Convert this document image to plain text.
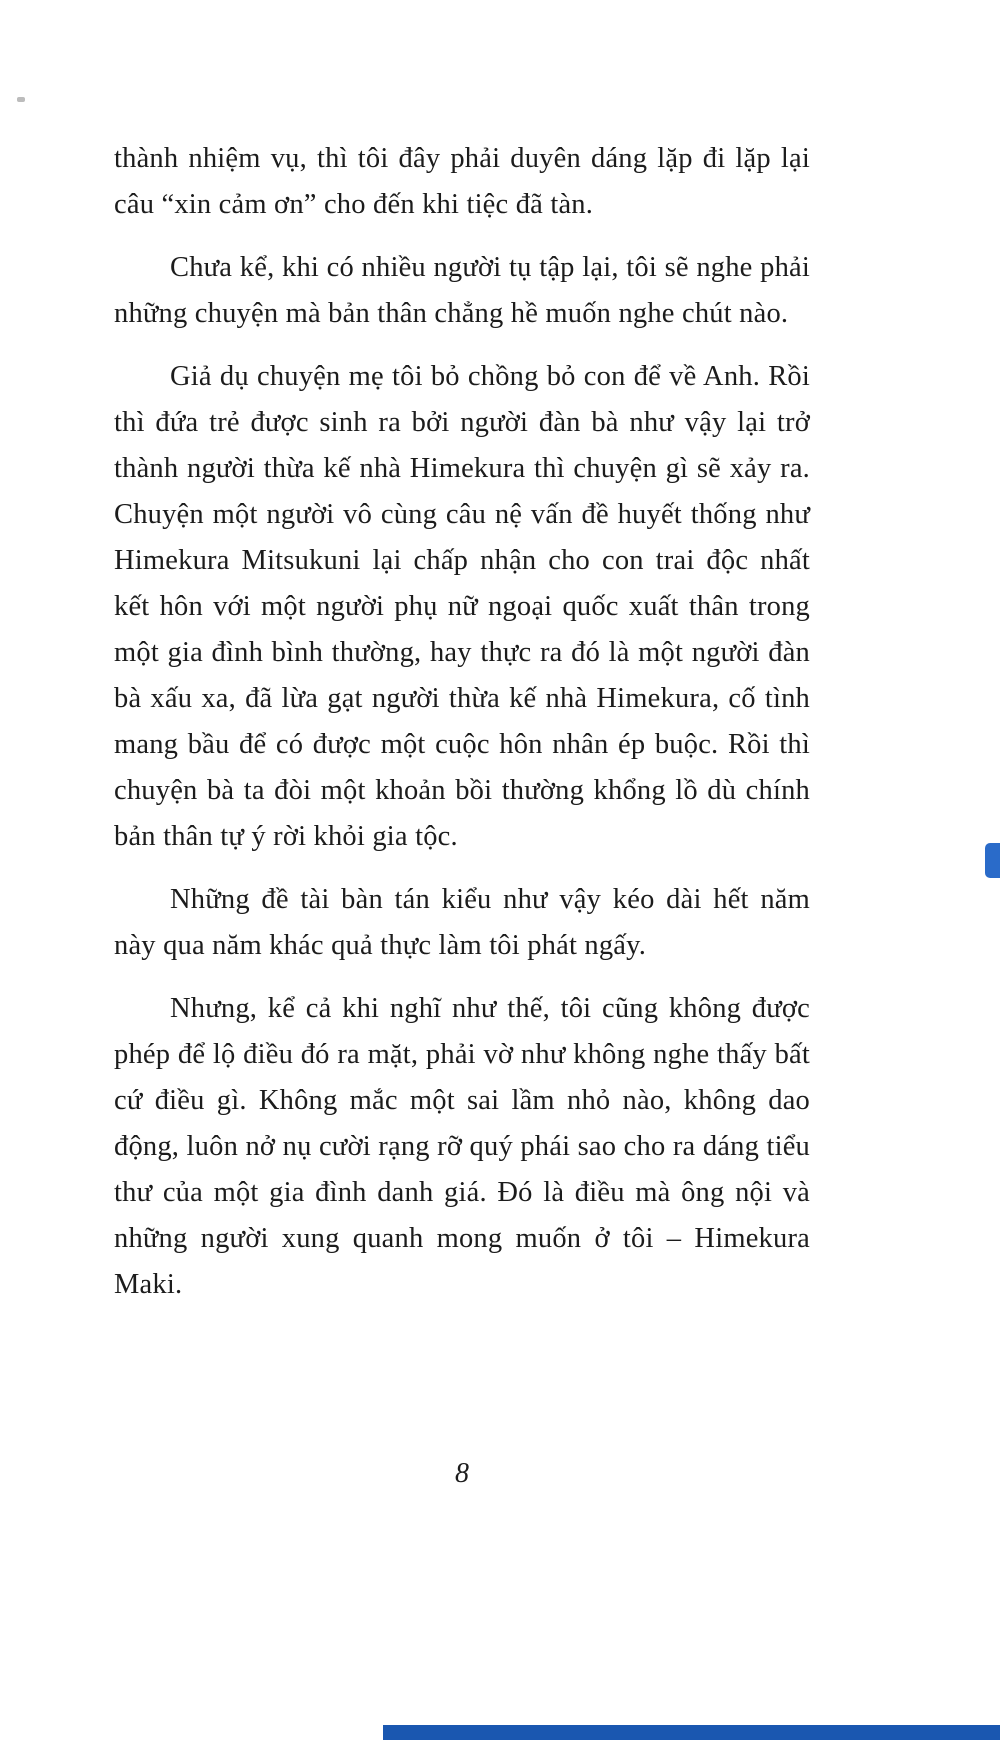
thành nhiệm vụ, thì tôi đây phải duyên dáng lặp đi lặp lại câu “xin cảm ơn” cho đến khi tiệc đã tàn.

Chưa kể, khi có nhiều người tụ tập lại, tôi sẽ nghe phải những chuyện mà bản thân chẳng hề muốn nghe chút nào.

Giả dụ chuyện mẹ tôi bỏ chồng bỏ con để về Anh. Rồi thì đứa trẻ được sinh ra bởi người đàn bà như vậy lại trở thành người thừa kế nhà Himekura thì chuyện gì sẽ xảy ra. Chuyện một người vô cùng câu nệ vấn đề huyết thống như Himekura Mitsukuni lại chấp nhận cho con trai độc nhất kết hôn với một người phụ nữ ngoại quốc xuất thân trong một gia đình bình thường, hay thực ra đó là một người đàn bà xấu xa, đã lừa gạt người thừa kế nhà Himekura, cố tình mang bầu để có được một cuộc hôn nhân ép buộc. Rồi thì chuyện bà ta đòi một khoản bồi thường khổng lồ dù chính bản thân tự ý rời khỏi gia tộc.

Những đề tài bàn tán kiểu như vậy kéo dài hết năm này qua năm khác quả thực làm tôi phát ngấy.

Nhưng, kể cả khi nghĩ như thế, tôi cũng không được phép để lộ điều đó ra mặt, phải vờ như không nghe thấy bất cứ điều gì. Không mắc một sai lầm nhỏ nào, không dao động, luôn nở nụ cười rạng rỡ quý phái sao cho ra dáng tiểu thư của một gia đình danh giá. Đó là điều mà ông nội và những người xung quanh mong muốn ở tôi – Himekura Maki.

8
